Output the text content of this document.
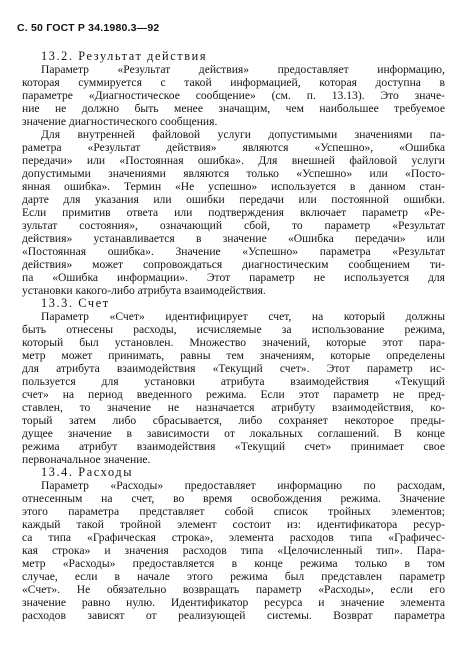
С. 50 ГОСТ Р 34.1980.3—92
13.2. Результат действия
Параметр «Результат действия» предоставляет информацию,
которая суммируется с такой информацией, которая доступна в
параметре «Диагностическое сообщение» (см. п. 13.13). Это значе-
ние не должно быть менее значащим, чем наибольшее требуемое
значение диагностического сообщения.
Для внутренней файловой услуги допустимыми значениями па-
раметра «Результат действия» являются «Успешно», «Ошибка
передачи» или «Постоянная ошибка». Для внешней файловой услуги
допустимыми значениями являются только «Успешно» или «Посто-
янная ошибка». Термин «Не успешно» используется в данном стан-
дарте для указания или ошибки передачи или постоянной ошибки.
Если примитив ответа или подтверждения включает параметр «Ре-
зультат состояния», означающий сбой, то параметр «Результат
действия» устанавливается в значение «Ошибка передачи» или
«Постоянная ошибка». Значение «Успешно» параметра «Результат
действия» может сопровождаться диагностическим сообщением ти-
па «Ошибка информации». Этот параметр не используется для
установки какого-либо атрибута взаимодействия.
13.3. Счет
Параметр «Счет» идентифицирует счет, на который должны
быть отнесены расходы, исчисляемые за использование режима,
который был установлен. Множество значений, которые этот пара-
метр может принимать, равны тем значениям, которые определены
для атрибута взаимодействия «Текущий счет». Этот параметр ис-
пользуется для установки атрибута взаимодействия «Текущий
счет» на период введенного режима. Если этот параметр не пред-
ставлен, то значение не назначается атрибуту взаимодействия, ко-
торый затем либо сбрасывается, либо сохраняет некоторое преды-
дущее значение в зависимости от локальных соглашений. В конце
режима атрибут взаимодействия «Текущий счет» принимает свое
первоначальное значение.
13.4. Расходы
Параметр «Расходы» предоставляет информацию по расходам,
отнесенным на счет, во время освобождения режима. Значение
этого параметра представляет собой список тройных элементов;
каждый такой тройной элемент состоит из: идентификатора ресур-
са типа «Графическая строка», элемента расходов типа «Графичес-
кая строка» и значения расходов типа «Целочисленный тип». Пара-
метр «Расходы» предоставляется в конце режима только в том
случае, если в начале этого режима был представлен параметр
«Счет». Не обязательно возвращать параметр «Расходы», если его
значение равно нулю. Идентификатор ресурса и значение элемента
расходов зависят от реализующей системы. Возврат параметра
